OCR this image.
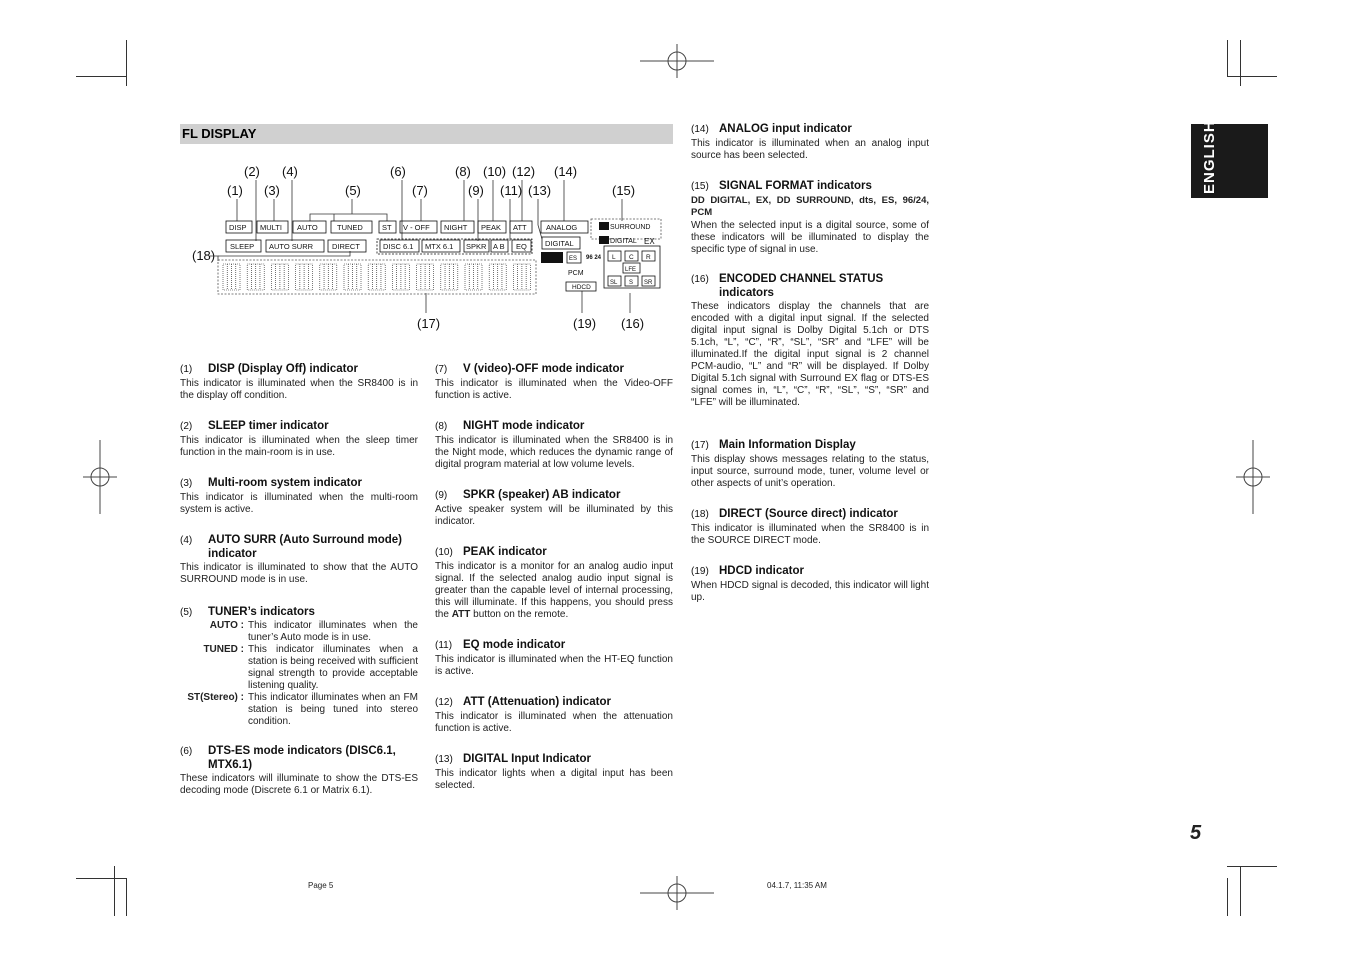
FL DISPLAY	ENGLISH
(1)
(2)
(3)
(4)
(5)
(6)
(7)
(8)
(9)
(10)
(11)
(12)
(13)
(14)
(15)
(16)
(17)
(18)
(19)
DISP MULTI AUTO	TUNED	ST V - OFF NIGHT PEAK ATT	ANALOG
SLEEP AUTO SURR	DIRECT	DISC 6.1 MTX 6.1 SPKR A B EQ DIGITAL
SURROUND
DIGITAL EX
ES 96 24
PCM
HDCD
L C R
LFE
SL S SR
(1)	DISP (Display Off) indicator

This indicator is illuminated when the SR8400 is in the display off condition.

(2)	SLEEP timer indicator

This indicator is illuminated when the sleep timer function in the main-room is in use.

(3)	Multi-room system indicator

This indicator is illuminated when the multi-room system is active.

(4)	AUTO SURR (Auto Surround mode) indicator

This indicator is illuminated to show that the AUTO SURROUND mode is in use.

(5)	TUNER’s indicators
AUTO : This indicator illuminates when the tuner’s Auto mode is in use.
TUNED : This indicator illuminates when a station is being received with sufficient signal strength to provide acceptable listening quality.
ST(Stereo) : This indicator illuminates when an FM station is being tuned into stereo condition.
(6)	DTS-ES mode indicators (DISC6.1, MTX6.1)

These indicators will illuminate to show the DTS-ES decoding mode (Discrete 6.1 or Matrix 6.1).

(7)	V (video)-OFF mode indicator

This indicator is illuminated when the Video-OFF function is active.

(8)	NIGHT mode indicator

This indicator is illuminated when the SR8400 is in the Night mode, which reduces the dynamic range of digital program material at low volume levels.

(9)	SPKR (speaker) AB indicator

Active speaker system will be illuminated by this indicator.

(10) PEAK indicator

This indicator is a monitor for an analog audio input signal. If the selected analog audio input signal is greater than the capable level of internal processing, this will illuminate. If this happens, you should press the ATT button on the remote.

(11) EQ mode indicator

This indicator is illuminated when the HT-EQ function is active.

(12) ATT (Attenuation) indicator

This indicator is illuminated when the attenuation function is active.

(13) DIGITAL Input Indicator

This indicator lights when a digital input has been selected.

(14) ANALOG input indicator

This indicator is illuminated when an analog input source has been selected.

(15) SIGNAL FORMAT indicators

DD DIGITAL, EX, DD SURROUND, dts, ES, 96/24, PCM

When the selected input is a digital source, some of these indicators will be illuminated to display the specific type of signal in use.

(16) ENCODED CHANNEL STATUS indicators

These indicators display the channels that are encoded with a digital input signal. If the selected digital input signal is Dolby Digital 5.1ch or DTS 5.1ch, “L”, “C”, “R”, “SL”, “SR” and “LFE” will be illuminated.If the digital input signal is 2 channel PCM-audio, “L” and “R” will be displayed. If Dolby Digital 5.1ch signal with Surround EX flag or DTS-ES signal comes in, “L”, “C”, “R”, “SL”, “S”, “SR” and “LFE” will be illuminated.

(17) Main Information Display

This display shows messages relating to the status, input source, surround mode, tuner, volume level or other aspects of unit’s operation.

(18) DIRECT (Source direct) indicator

This indicator is illuminated when the SR8400 is in the SOURCE DIRECT mode.

(19) HDCD indicator

When HDCD signal is decoded, this indicator will light up.

5
Page 5	04.1.7, 11:35 AM
